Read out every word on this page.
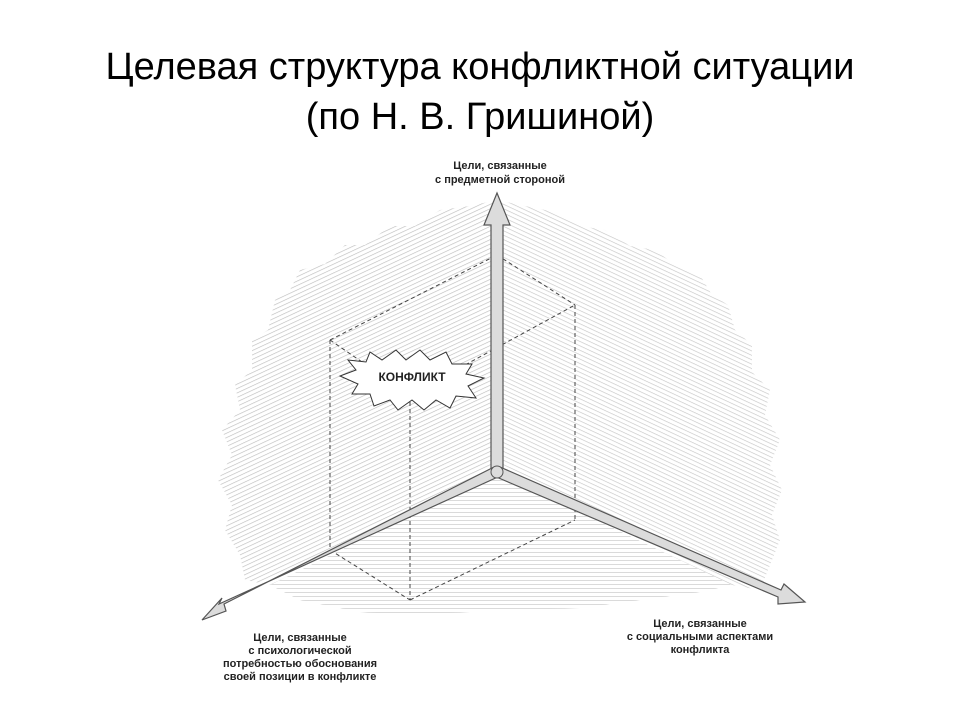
Целевая структура конфликтной ситуации
(по Н. В. Гришиной)
КОНФЛИКТ
Цели, связанные
с предметной стороной
Цели, связанные
с социальными аспектами
конфликта
Цели, связанные
с психологической
потребностью обоснования
своей позиции в конфликте
